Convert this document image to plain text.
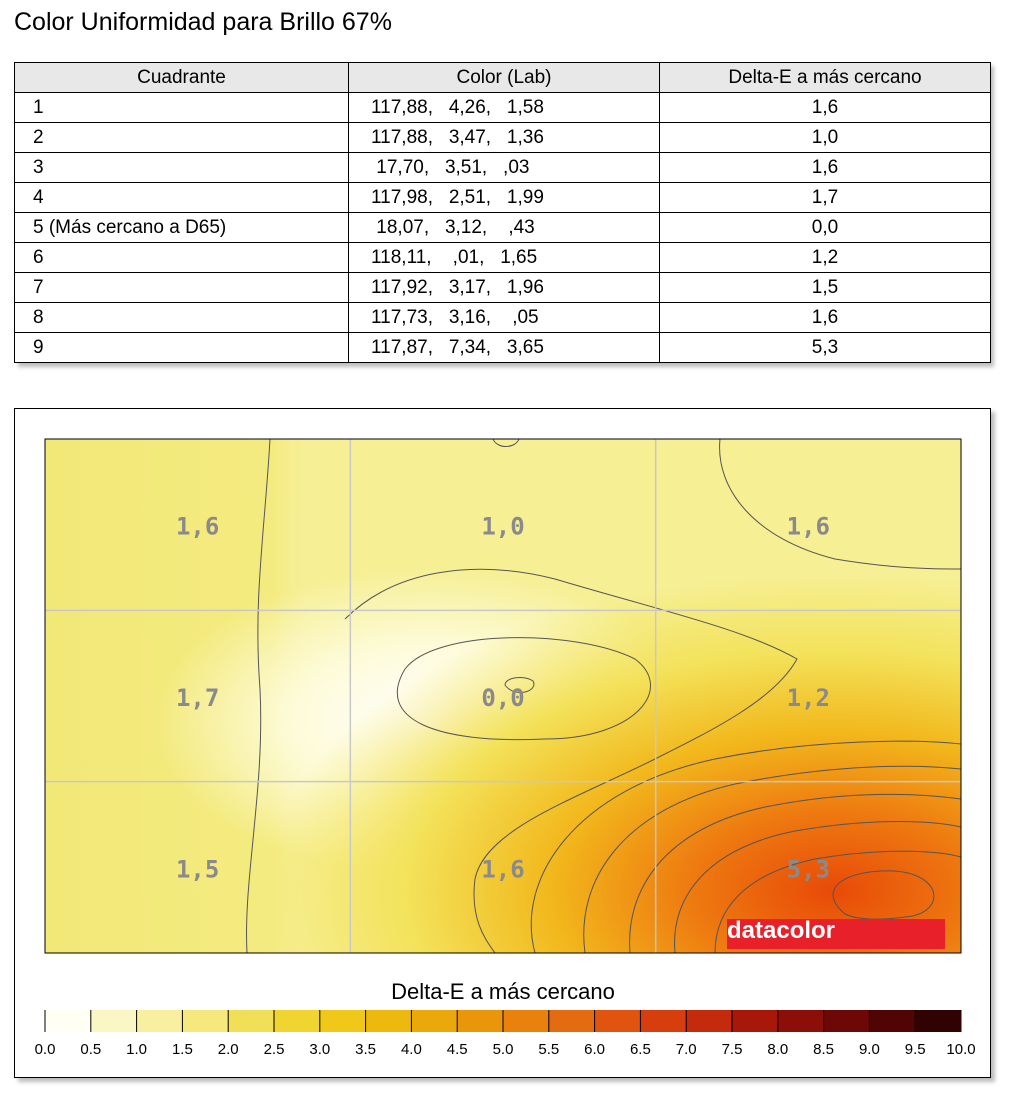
Color Uniformidad para Brillo 67%
Cuadrante	Color (Lab)	Delta-E a más cercano
1	117,88,   4,26,   1,58	1,6
2	117,88,   3,47,   1,36	1,0
3	17,70,   3,51,   ,03	1,6
4	117,98,   2,51,   1,99	1,7
5 (Más cercano a D65)	18,07,   3,12,    ,43	0,0
6	118,11,    ,01,   1,65	1,2
7	117,92,   3,17,   1,96	1,5
8	117,73,   3,16,    ,05	1,6
9	117,87,   7,34,   3,65	5,3
1,6	1,0	1,6
1,7	0,0	1,2
1,5	1,6	5,3
datacolor
Delta-E a más cercano
0.0 0.5 1.0 1.5 2.0 2.5 3.0 3.5 4.0 4.5 5.0 5.5 6.0 6.5 7.0 7.5 8.0 8.5 9.0 9.5 10.0
